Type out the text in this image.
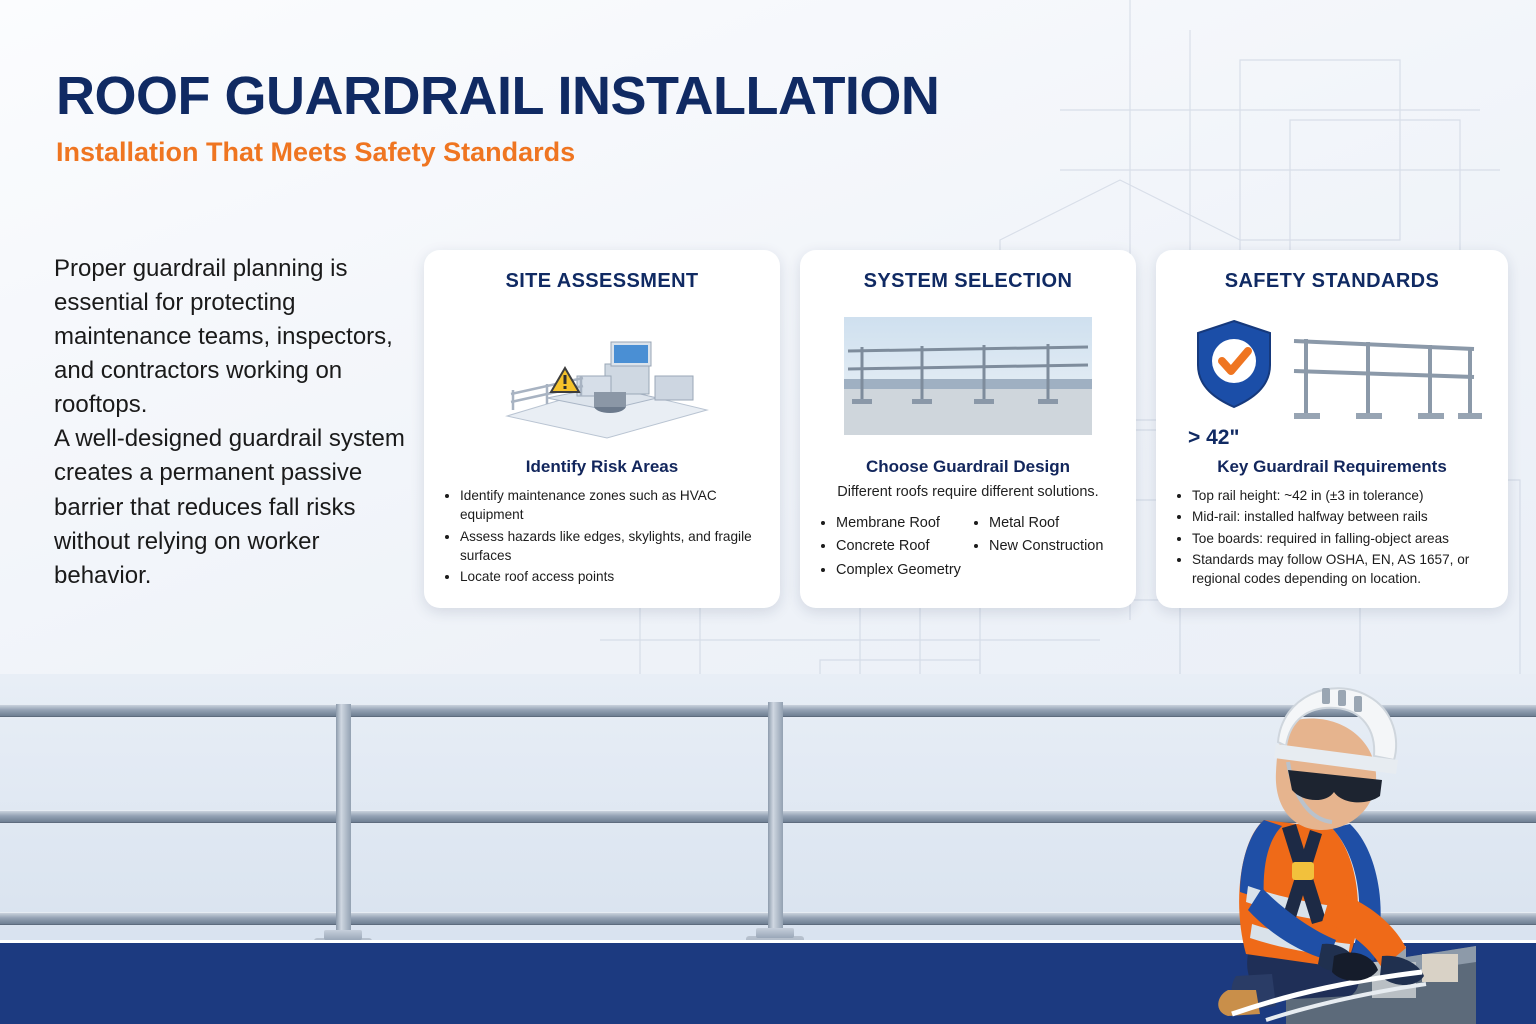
ROOF GUARDRAIL INSTALLATION
Installation That Meets Safety Standards

Proper guardrail planning is essential for protecting maintenance teams, inspectors, and contractors working on rooftops.

A well-designed guardrail system creates a permanent passive barrier that reduces fall risks without relying on worker behavior.

SITE ASSESSMENT
Identify Risk Areas
• Identify maintenance zones such as HVAC equipment
• Assess hazards like edges, skylights, and fragile surfaces
• Locate roof access points
SYSTEM SELECTION
Choose Guardrail Design
Different roofs require different solutions.
• Membrane Roof
• Concrete Roof
• Complex Geometry
• Metal Roof
• New Construction
SAFETY STANDARDS
> 42"
Key Guardrail Requirements
• Top rail height: ~42 in (±3 in tolerance)
• Mid-rail: installed halfway between rails
• Toe boards: required in falling-object areas
• Standards may follow OSHA, EN, AS 1657, or regional codes depending on location.
